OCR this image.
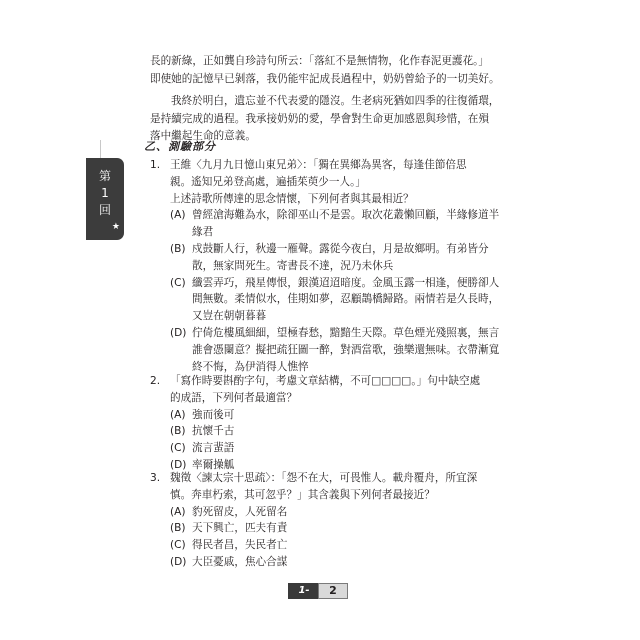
長的新綠，正如龔自珍詩句所云：「落紅不是無情物，化作春泥更護花。」
即使她的記憶早已剝落，我仍能牢記成長過程中，奶奶曾給予的一切美好。
我終於明白，遺忘並不代表愛的隱沒。生老病死猶如四季的往復循環，
是持續完成的過程。我承接奶奶的愛，學會對生命更加感恩與珍惜，在殞
落中繼起生命的意義。
乙、測驗部分
第
1
回
★
1. 王維〈九月九日憶山東兄弟〉：「獨在異鄉為異客，每逢佳節倍思
親。遙知兄弟登高處，遍插茱萸少一人。」
上述詩歌所傳達的思念情懷，下列何者與其最相近？
(A) 曾經滄海難為水，除卻巫山不是雲。取次花叢懶回顧，半緣修道半
緣君
(B) 戍鼓斷人行，秋邊一雁聲。露從今夜白，月是故鄉明。有弟皆分
散，無家問死生。寄書長不達，況乃未休兵
(C) 纖雲弄巧，飛星傳恨，銀漢迢迢暗度。金風玉露一相逢，便勝卻人
間無數。柔情似水，佳期如夢，忍顧鵲橋歸路。兩情若是久長時，
又豈在朝朝暮暮
(D) 佇倚危樓風細細，望極春愁，黯黯生天際。草色煙光殘照裏，無言
誰會憑闌意？擬把疏狂圖一醉，對酒當歌，強樂還無味。衣帶漸寬
終不悔，為伊消得人憔悴
2. 「寫作時要斟酌字句，考慮文章結構，不可□□□□。」句中缺空處
的成語，下列何者最適當？
(A) 強而後可
(B) 抗懷千古
(C) 流言蜚語
(D) 率爾操觚
3. 魏徵〈諫太宗十思疏〉：「怨不在大，可畏惟人。載舟覆舟，所宜深
慎。奔車朽索，其可忽乎？」其含義與下列何者最接近？
(A) 豹死留皮，人死留名
(B) 天下興亡，匹夫有責
(C) 得民者昌，失民者亡
(D) 大臣憂戚，焦心合謀
1-	2
